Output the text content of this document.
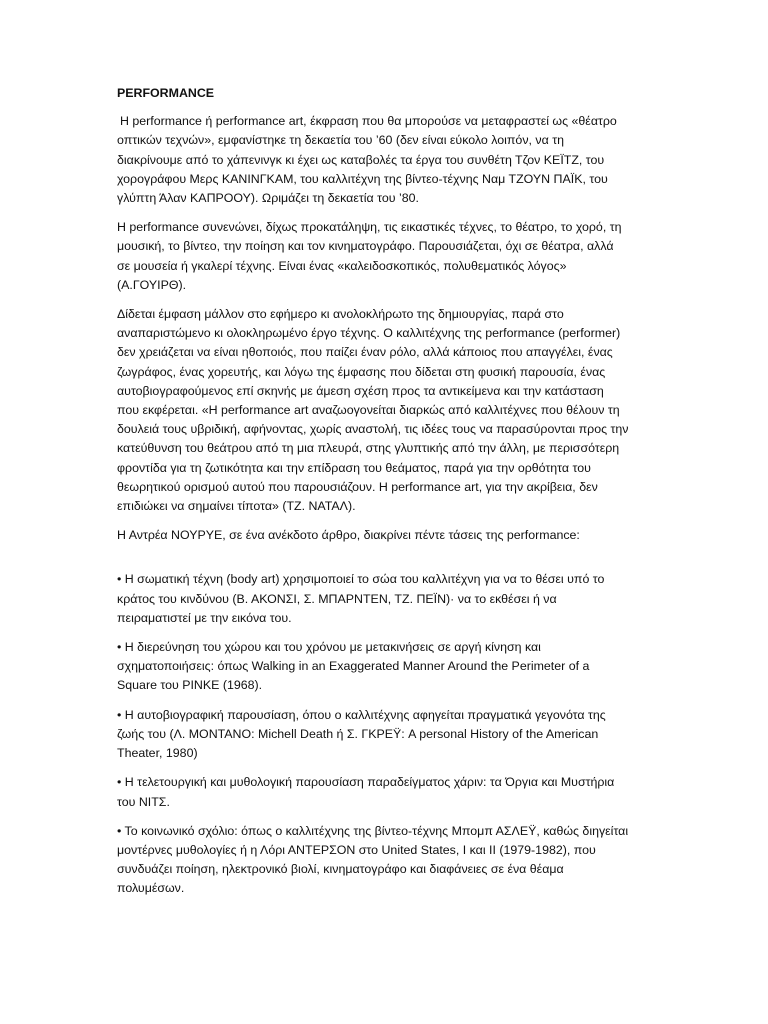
PERFORMANCE

Η performance ή performance art, έκφραση που θα μπορούσε να μεταφραστεί ως «θέατρο οπτικών τεχνών», εμφανίστηκε τη δεκαετία του ’60 (δεν είναι εύκολο λοιπόν, να τη διακρίνουμε από το χάπενινγκ κι έχει ως καταβολές τα έργα του συνθέτη Τζον ΚΕΪΤΖ, του χορογράφου Μερς ΚΑΝΙΝΓΚΑΜ, του καλλιτέχνη της βίντεο-τέχνης Ναμ ΤΖΟΥΝ ΠΑΪΚ, του γλύπτη Άλαν ΚΑΠΡΟΟΥ). Ωριμάζει τη δεκαετία του ’80.

Η performance συνενώνει, δίχως προκατάληψη, τις εικαστικές τέχνες, το θέατρο, το χορό, τη μουσική, το βίντεο, την ποίηση και τον κινηματογράφο. Παρουσιάζεται, όχι σε θέατρα, αλλά σε μουσεία ή γκαλερί τέχνης. Είναι ένας «καλειδοσκοπικός, πολυθεματικός λόγος» (Α.ΓΟΥΙΡΘ).

Δίδεται έμφαση μάλλον στο εφήμερο κι ανολοκλήρωτο της δημιουργίας, παρά στο αναπαριστώμενο κι ολοκληρωμένο έργο τέχνης. Ο καλλιτέχνης της performance (performer) δεν χρειάζεται να είναι ηθοποιός, που παίζει έναν ρόλο, αλλά κάποιος που απαγγέλει, ένας ζωγράφος, ένας χορευτής, και λόγω της έμφασης που δίδεται στη φυσική παρουσία, ένας αυτοβιογραφούμενος επί σκηνής με άμεση σχέση προς τα αντικείμενα και την κατάσταση που εκφέρεται. «Η performance art αναζωογονείται διαρκώς από καλλιτέχνες που θέλουν τη δουλειά τους υβριδική, αφήνοντας, χωρίς αναστολή, τις ιδέες τους να παρασύρονται προς την κατεύθυνση του θεάτρου από τη μια πλευρά, στης γλυπτικής από την άλλη, με περισσότερη φροντίδα για τη ζωτικότητα και την επίδραση του θεάματος, παρά για την ορθότητα του θεωρητικού ορισμού αυτού που παρουσιάζουν. Η performance art, για την ακρίβεια, δεν επιδιώκει να σημαίνει τίποτα» (ΤΖ. ΝΑΤΑΛ).

Η Αντρέα ΝΟΥΡΥΕ, σε ένα ανέκδοτο άρθρο, διακρίνει πέντε τάσεις της performance:

• Η σωματική τέχνη (body art) χρησιμοποιεί το σώα του καλλιτέχνη για να το θέσει υπό το κράτος του κινδύνου (Β. ΑΚΟΝΣΙ, Σ. ΜΠΑΡΝΤΕΝ, ΤΖ. ΠΕΪΝ)· να το εκθέσει ή να πειραματιστεί με την εικόνα του.

• Η διερεύνηση του χώρου και του χρόνου με μετακινήσεις σε αργή κίνηση και σχηματοποιήσεις: όπως Walking in an Exaggerated Manner Around the Perimeter of a Square του PINKE (1968).

• Η αυτοβιογραφική παρουσίαση, όπου ο καλλιτέχνης αφηγείται πραγματικά γεγονότα της ζωής του (Λ. ΜΟΝΤΑΝΟ: Michell Death ή Σ. ΓΚΡΕΫ: A personal History of the American Theater, 1980)

• Η τελετουργική και μυθολογική παρουσίαση παραδείγματος χάριν: τα Όργια και Μυστήρια του ΝΙΤΣ.

• Το κοινωνικό σχόλιο: όπως ο καλλιτέχνης της βίντεο-τέχνης Μπομπ ΑΣΛΕΫ, καθώς διηγείται μοντέρνες μυθολογίες ή η Λόρι ΑΝΤΕΡΣΟΝ στο United States, I και II (1979-1982), που συνδυάζει ποίηση, ηλεκτρονικό βιολί, κινηματογράφο και διαφάνειες σε ένα θέαμα πολυμέσων.
